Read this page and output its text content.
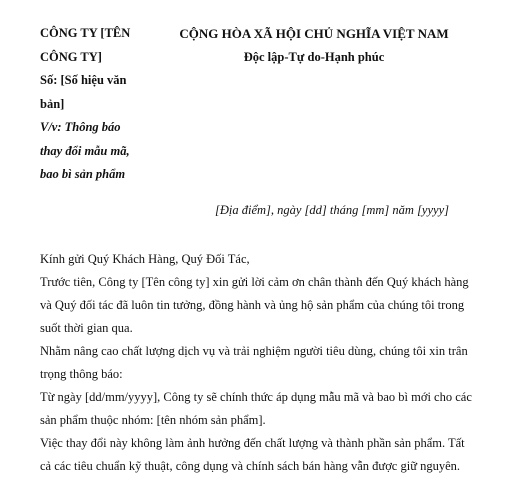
CÔNG TY [TÊN
CÔNG TY]
Số: [Số hiệu văn
bản]
V/v: Thông báo
thay đổi mẫu mã,
bao bì sản phẩm
CỘNG HÒA XÃ HỘI CHỦ NGHĨA VIỆT NAM
Độc lập-Tự do-Hạnh phúc
[Địa điểm], ngày [dd] tháng [mm] năm [yyyy]

Kính gửi Quý Khách Hàng, Quý Đối Tác,

Trước tiên, Công ty [Tên công ty] xin gửi lời cảm ơn chân thành đến Quý khách hàng và Quý đối tác đã luôn tin tưởng, đồng hành và ủng hộ sản phẩm của chúng tôi trong suốt thời gian qua.

Nhằm nâng cao chất lượng dịch vụ và trải nghiệm người tiêu dùng, chúng tôi xin trân trọng thông báo:

Từ ngày [dd/mm/yyyy], Công ty sẽ chính thức áp dụng mẫu mã và bao bì mới cho các sản phẩm thuộc nhóm: [tên nhóm sản phẩm].

Việc thay đổi này không làm ảnh hưởng đến chất lượng và thành phần sản phẩm. Tất cả các tiêu chuẩn kỹ thuật, công dụng và chính sách bán hàng vẫn được giữ nguyên.
